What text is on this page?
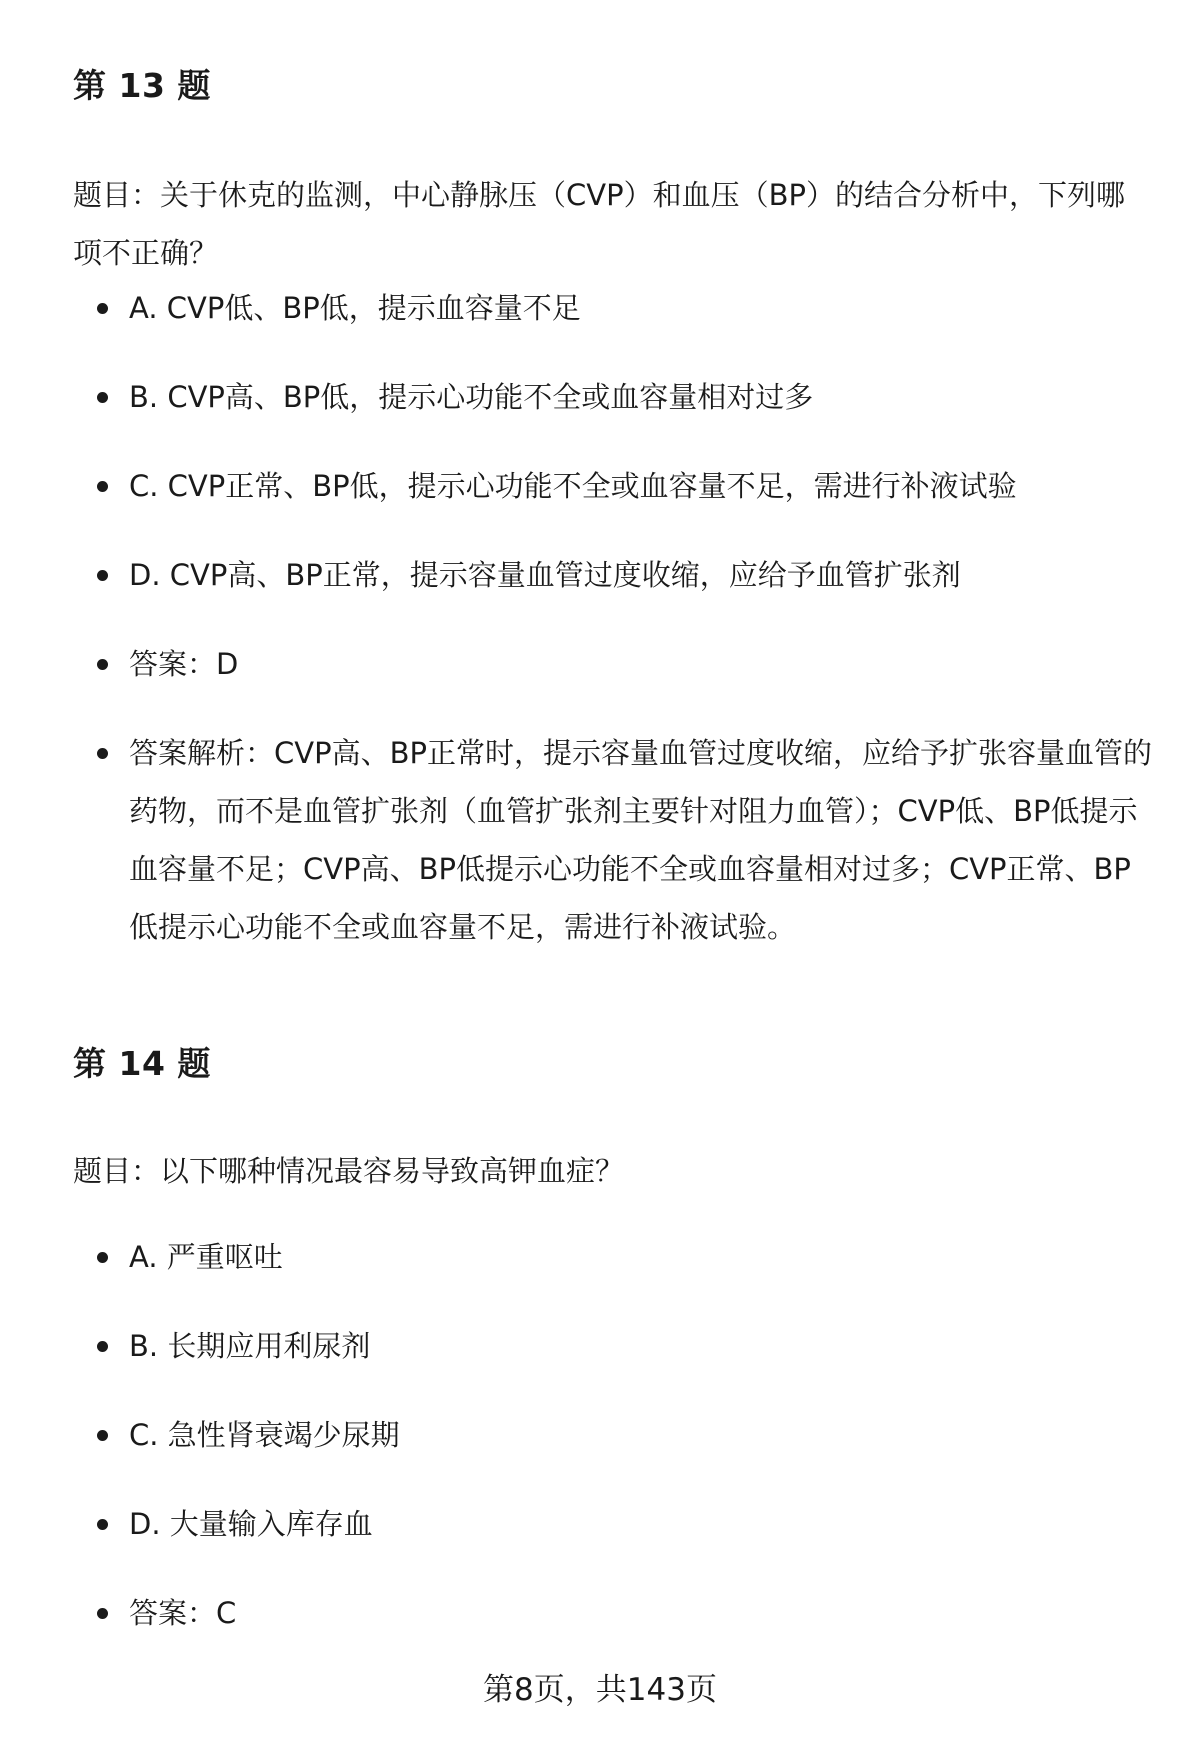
第 13 题

题目：关于休克的监测，中心静脉压（CVP）和血压（BP）的结合分析中，下列哪项不正确？

A. CVP低、BP低，提示血容量不足
B. CVP高、BP低，提示心功能不全或血容量相对过多
C. CVP正常、BP低，提示心功能不全或血容量不足，需进行补液试验
D. CVP高、BP正常，提示容量血管过度收缩，应给予血管扩张剂
答案：D
答案解析：CVP高、BP正常时，提示容量血管过度收缩，应给予扩张容量血管的药物，而不是血管扩张剂（血管扩张剂主要针对阻力血管）；CVP低、BP低提示血容量不足；CVP高、BP低提示心功能不全或血容量相对过多；CVP正常、BP低提示心功能不全或血容量不足，需进行补液试验。
第 14 题

题目：以下哪种情况最容易导致高钾血症？

A. 严重呕吐
B. 长期应用利尿剂
C. 急性肾衰竭少尿期
D. 大量输入库存血
答案：C
第8页，共143页
